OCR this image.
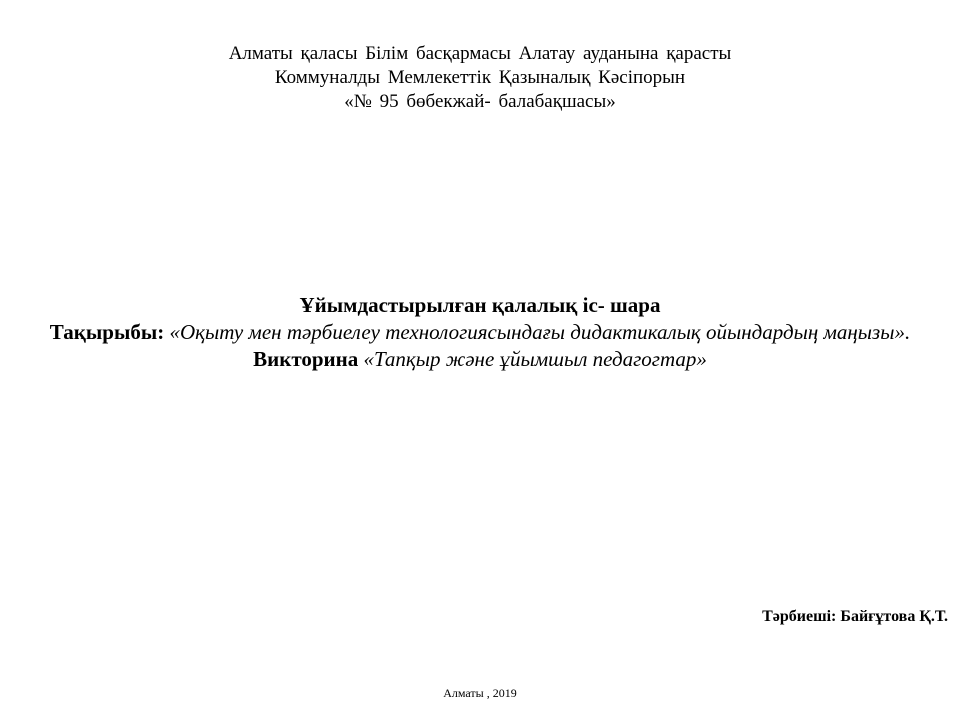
Алматы қаласы Білім басқармасы Алатау ауданына қарасты
Коммуналды Мемлекеттік Қазыналық Кәсіпорын
«№ 95 бөбекжай- балабақшасы»
Ұйымдастырылған қалалық іс- шара
Тақырыбы: «Оқыту мен тәрбиелеу технологиясындағы дидактикалық ойындардың маңызы».
Викторина «Тапқыр және ұйымшыл педагогтар»
Тәрбиеші: Байғұтова Қ.Т.
Алматы , 2019
